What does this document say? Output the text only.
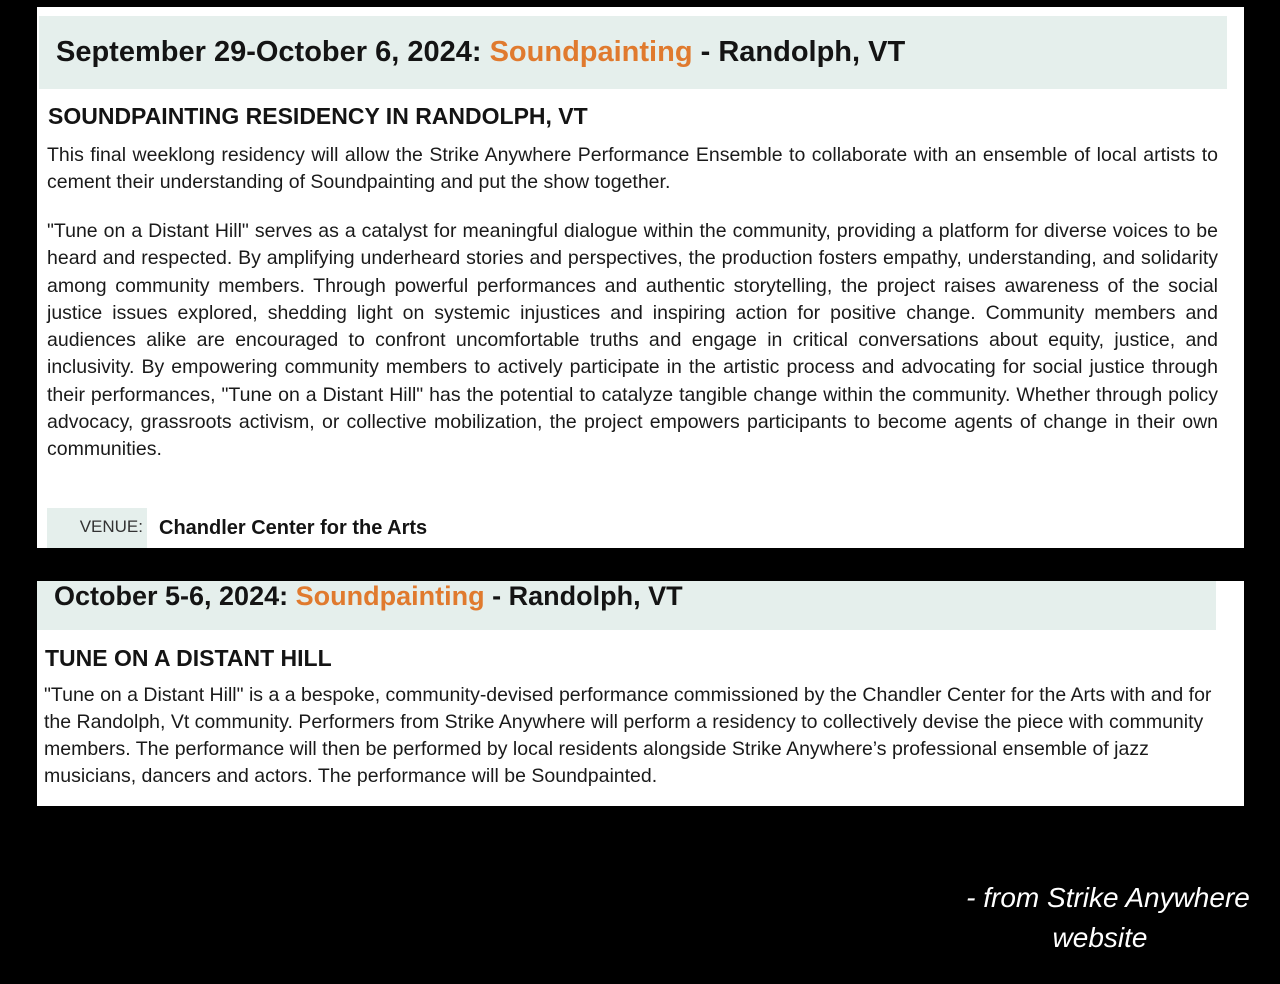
September 29-October 6, 2024: Soundpainting - Randolph, VT
SOUNDPAINTING RESIDENCY IN RANDOLPH, VT

This final weeklong residency will allow the Strike Anywhere Performance Ensemble to collaborate with an ensemble of local artists to cement their understanding of Soundpainting and put the show together.

"Tune on a Distant Hill" serves as a catalyst for meaningful dialogue within the community, providing a platform for diverse voices to be heard and respected. By amplifying underheard stories and perspectives, the production fosters empathy, understanding, and solidarity among community members. Through powerful performances and authentic storytelling, the project raises awareness of the social justice issues explored, shedding light on systemic injustices and inspiring action for positive change. Community members and audiences alike are encouraged to confront uncomfortable truths and engage in critical conversations about equity, justice, and inclusivity. By empowering community members to actively participate in the artistic process and advocating for social justice through their performances, "Tune on a Distant Hill" has the potential to catalyze tangible change within the community. Whether through policy advocacy, grassroots activism, or collective mobilization, the project empowers participants to become agents of change in their own communities.

VENUE: Chandler Center for the Arts
October 5-6, 2024: Soundpainting - Randolph, VT
TUNE ON A DISTANT HILL

"Tune on a Distant Hill" is a a bespoke, community-devised performance commissioned by the Chandler Center for the Arts with and for the Randolph, Vt community. Performers from Strike Anywhere will perform a residency to collectively devise the piece with community members. The performance will then be performed by local residents alongside Strike Anywhere’s professional ensemble of jazz musicians, dancers and actors. The performance will be Soundpainted.

- from Strike Anywhere
website
